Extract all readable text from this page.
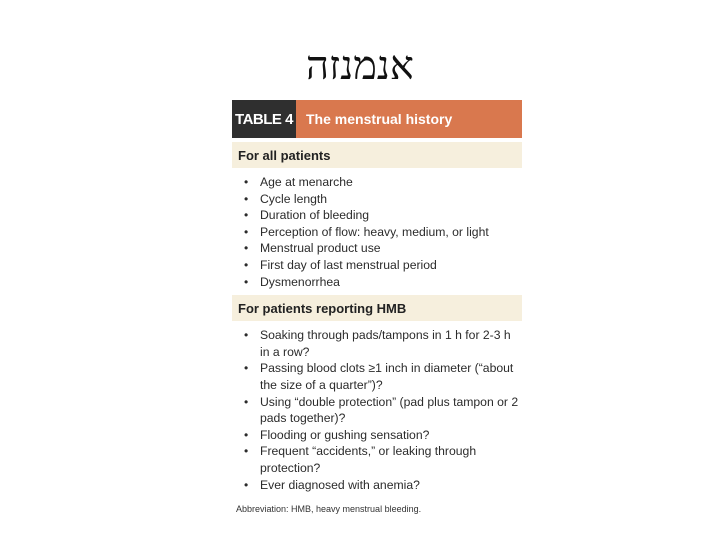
אנמנזה
TABLE 4 The menstrual history
For all patients
• Age at menarche
• Cycle length
• Duration of bleeding
• Perception of flow: heavy, medium, or light
• Menstrual product use
• First day of last menstrual period
• Dysmenorrhea
For patients reporting HMB
• Soaking through pads/tampons in 1 h for 2-3 h in a row?
• Passing blood clots ≥1 inch in diameter (“about the size of a quarter”)?
• Using “double protection” (pad plus tampon or 2 pads together)?
• Flooding or gushing sensation?
• Frequent “accidents,” or leaking through protection?
• Ever diagnosed with anemia?
Abbreviation: HMB, heavy menstrual bleeding.
